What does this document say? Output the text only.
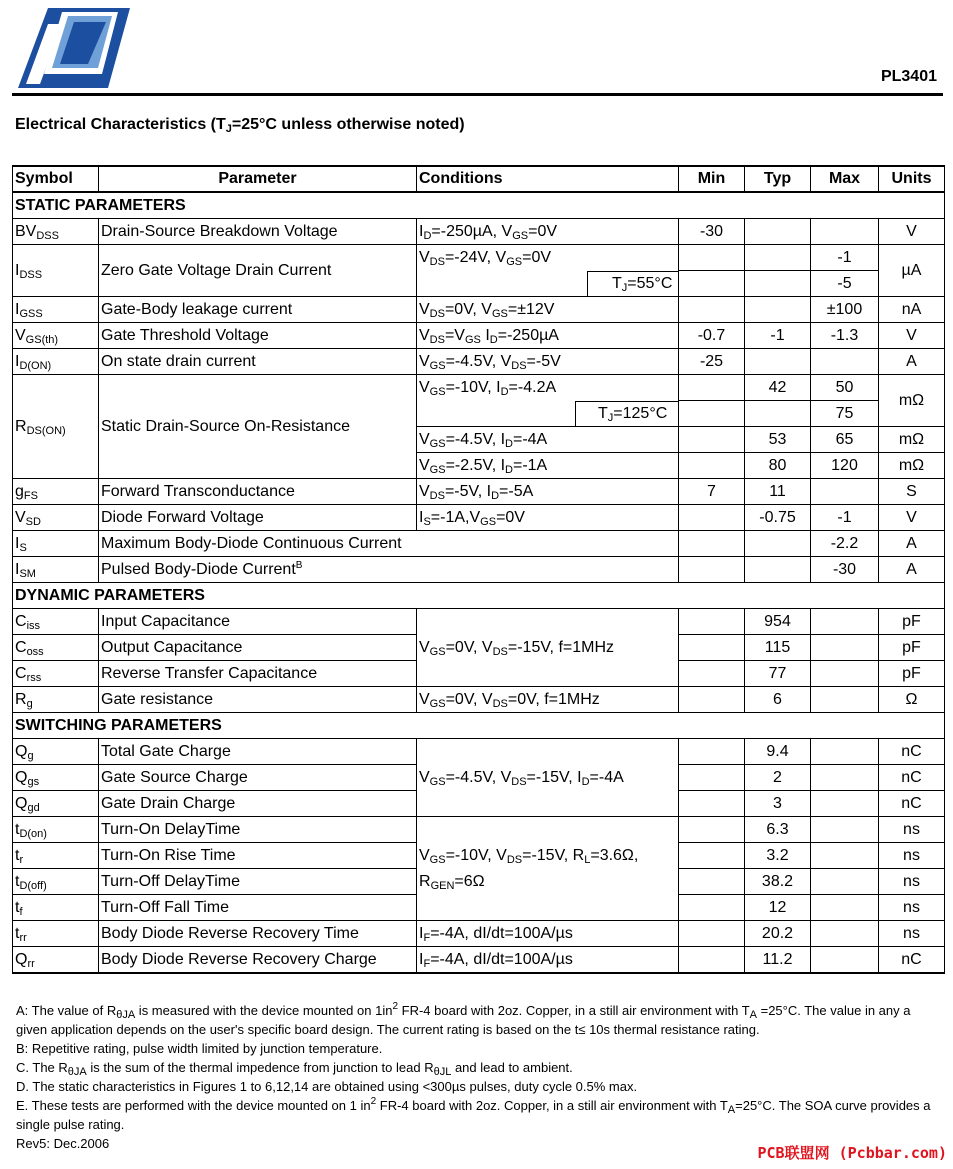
PL3401
Electrical Characteristics ($T_J=25^\circ C$ unless otherwise noted)
Symbol	Parameter	Conditions	Min	Typ	Max	Units
STATIC PARAMETERS						
$BV_{DSS}$	Drain-Source Breakdown Voltage	$I_D=-250\mu A$, $V_{GS}=0V$	-30			V
$I_{DSS}$	Zero Gate Voltage Drain Current	$V_{DS}=-24V$, $V_{GS}=0V$			-1	µA

		$T_J=55^\circ C$			-5	
$I_{GSS}$	Gate-Body leakage current	$V_{DS}=0V$, $V_{GS}=\pm 12V$			±100	nA
$V_{GS(th)}$	Gate Threshold Voltage	$V_{DS}=V_{GS}$ $I_D=-250\mu A$	-0.7	-1	-1.3	V
$I_{D(ON)}$	On state drain current	$V_{GS}=-4.5V$, $V_{DS}=-5V$	-25			A
$R_{DS(ON)}$	Static Drain-Source On-Resistance	$V_{GS}=-10V$, $I_D=-4.2A$		42	50	mΩ

		$T_J=125^\circ C$			75	
		$V_{GS}=-4.5V$, $I_D=-4A$		53	65	mΩ
		$V_{GS}=-2.5V$, $I_D=-1A$		80	120	mΩ
$g_{FS}$	Forward Transconductance	$V_{DS}=-5V$, $I_D=-5A$	7	11		S
$V_{SD}$	Diode Forward Voltage	$I_S=-1A,V_{GS}=0V$		-0.75	-1	V
$I_S$	Maximum Body-Diode Continuous Current				-2.2	A
$I_{SM}$	Pulsed Body-Diode Current$^B$				-30	A
DYNAMIC PARAMETERS						
$C_{iss}$	Input Capacitance	$V_{GS}=0V$, $V_{DS}=-15V$, f=1MHz		954		pF
$C_{oss}$	Output Capacitance			115		pF
$C_{rss}$	Reverse Transfer Capacitance			77		pF
$R_g$	Gate resistance	$V_{GS}=0V$, $V_{DS}=0V$, f=1MHz		6		Ω
SWITCHING PARAMETERS						
$Q_g$	Total Gate Charge	$V_{GS}=-4.5V$, $V_{DS}=-15V$, $I_D=-4A$		9.4		nC
$Q_{gs}$	Gate Source Charge			2		nC
$Q_{gd}$	Gate Drain Charge			3		nC
$t_{D(on)}$	Turn-On DelayTime	$V_{GS}=-10V$, $V_{DS}=-15V$, $R_L=3.6\Omega$,
$R_{GEN}=6\Omega$		6.3		ns
$t_r$	Turn-On Rise Time			3.2		ns
$t_{D(off)}$	Turn-Off DelayTime			38.2		ns
$t_f$	Turn-Off Fall Time			12		ns
$t_{rr}$	Body Diode Reverse Recovery Time	$I_F=-4A$, dI/dt=100A/µs		20.2		ns
$Q_{rr}$	Body Diode Reverse Recovery Charge	$I_F=-4A$, dI/dt=100A/µs		11.2		nC
A: The value of $R_{\theta JA}$ is measured with the device mounted on $1in^2$ FR-4 board with 2oz. Copper, in a still air environment with $T_A =25^\circ C$. The value in any a given application depends on the user's specific board design. The current rating is based on the t≤ 10s thermal resistance rating.
B: Repetitive rating, pulse width limited by junction temperature.
C. The $R_{\theta JA}$ is the sum of the thermal impedence from junction to lead $R_{\theta JL}$ and lead to ambient.
D. The static characteristics in Figures 1 to 6,12,14 are obtained using <300µs pulses, duty cycle 0.5% max.
E. These tests are performed with the device mounted on 1 $in^2$ FR-4 board with 2oz. Copper, in a still air environment with $T_A=25^\circ C$. The SOA curve provides a single pulse rating.
Rev5: Dec.2006
PCB联盟网 (Pcbbar.com)
